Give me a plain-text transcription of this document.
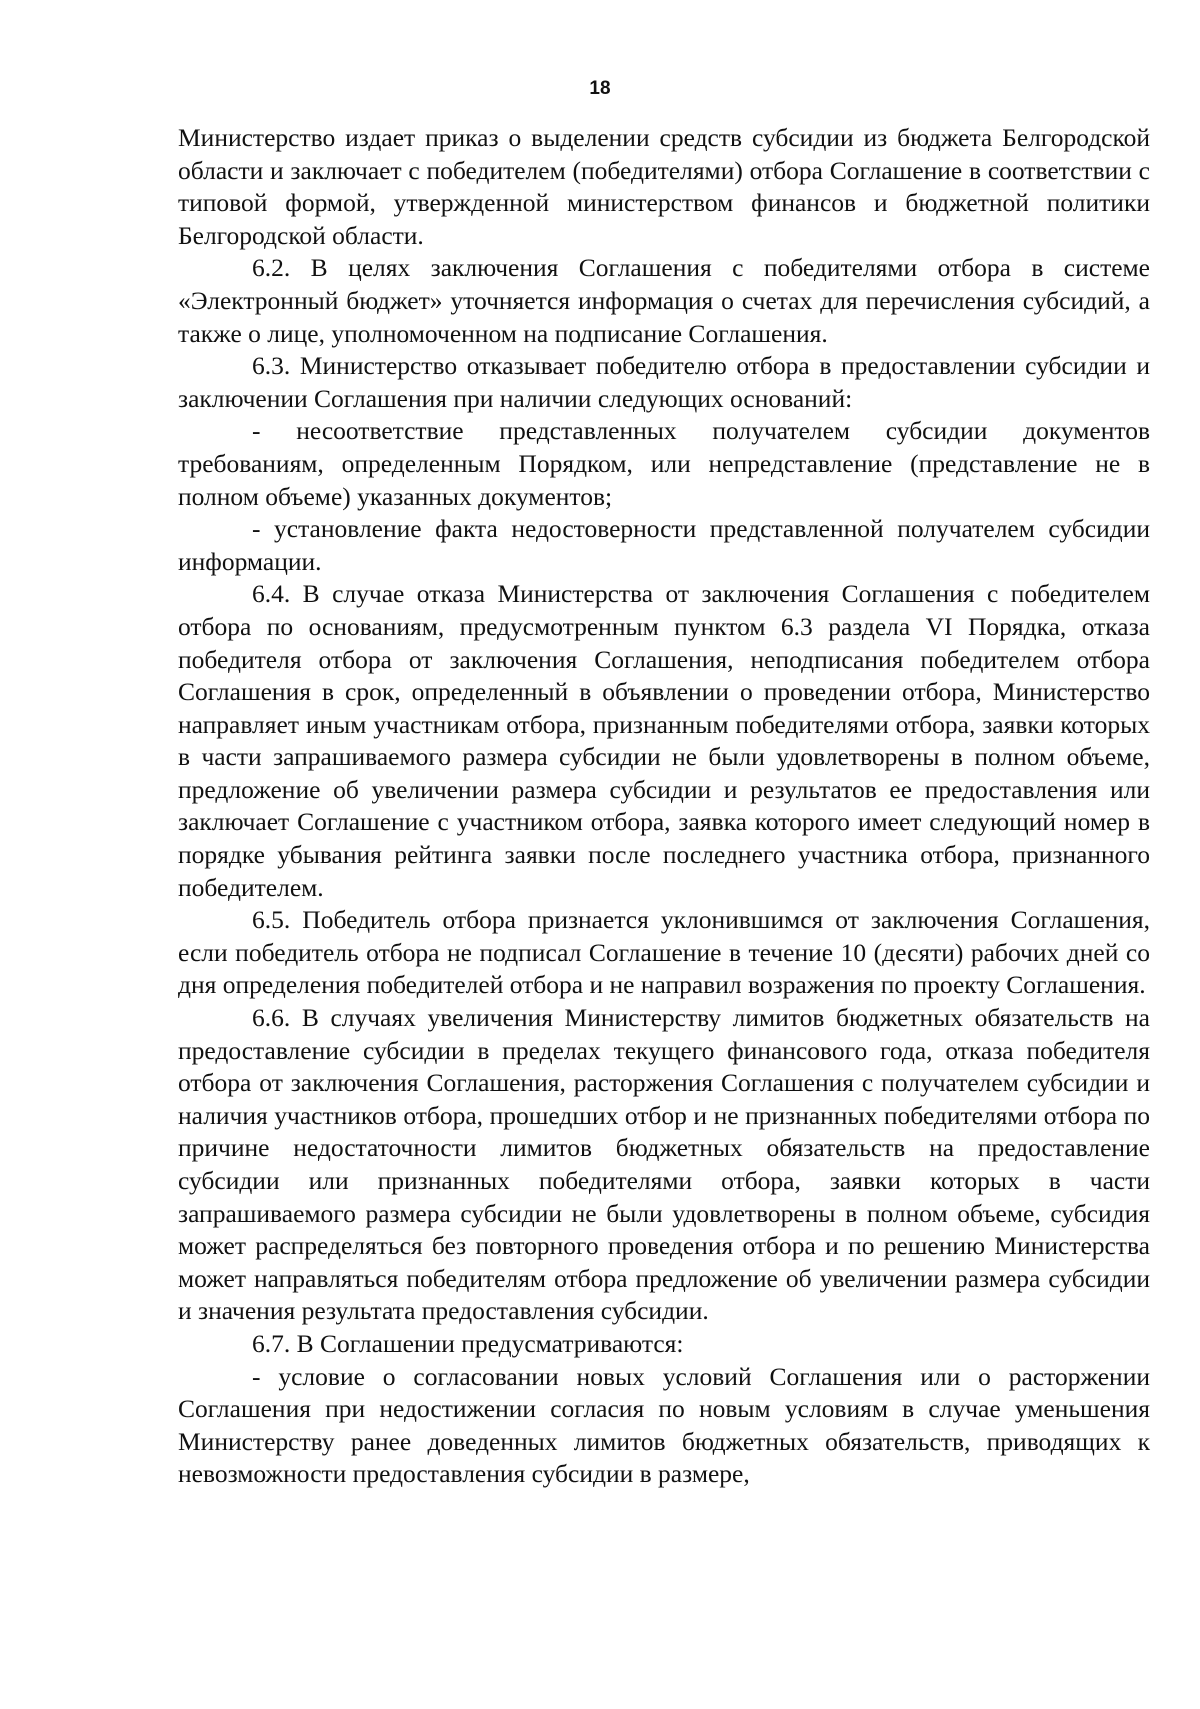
18

Министерство издает приказ о выделении средств субсидии из бюджета Белгородской области и заключает с победителем (победителями) отбора Соглашение в соответствии с типовой формой, утвержденной министерством финансов и бюджетной политики Белгородской области.

6.2. В целях заключения Соглашения с победителями отбора в системе «Электронный бюджет» уточняется информация о счетах для перечисления субсидий, а также о лице, уполномоченном на подписание Соглашения.

6.3. Министерство отказывает победителю отбора в предоставлении субсидии и заключении Соглашения при наличии следующих оснований:

- несоответствие представленных получателем субсидии документов требованиям, определенным Порядком, или непредставление (представление не в полном объеме) указанных документов;

- установление факта недостоверности представленной получателем субсидии информации.

6.4. В случае отказа Министерства от заключения Соглашения с победителем отбора по основаниям, предусмотренным пунктом 6.3 раздела VI Порядка, отказа победителя отбора от заключения Соглашения, неподписания победителем отбора Соглашения в срок, определенный в объявлении о проведении отбора, Министерство направляет иным участникам отбора, признанным победителями отбора, заявки которых в части запрашиваемого размера субсидии не были удовлетворены в полном объеме, предложение об увеличении размера субсидии и результатов ее предоставления или заключает Соглашение с участником отбора, заявка которого имеет следующий номер в порядке убывания рейтинга заявки после последнего участника отбора, признанного победителем.

6.5. Победитель отбора признается уклонившимся от заключения Соглашения, если победитель отбора не подписал Соглашение в течение 10 (десяти) рабочих дней со дня определения победителей отбора и не направил возражения по проекту Соглашения.

6.6. В случаях увеличения Министерству лимитов бюджетных обязательств на предоставление субсидии в пределах текущего финансового года, отказа победителя отбора от заключения Соглашения, расторжения Соглашения с получателем субсидии и наличия участников отбора, прошедших отбор и не признанных победителями отбора по причине недостаточности лимитов бюджетных обязательств на предоставление субсидии или признанных победителями отбора, заявки которых в части запрашиваемого размера субсидии не были удовлетворены в полном объеме, субсидия может распределяться без повторного проведения отбора и по решению Министерства может направляться победителям отбора предложение об увеличении размера субсидии и значения результата предоставления субсидии.

6.7. В Соглашении предусматриваются:

- условие о согласовании новых условий Соглашения или о расторжении Соглашения при недостижении согласия по новым условиям в случае уменьшения Министерству ранее доведенных лимитов бюджетных обязательств, приводящих к невозможности предоставления субсидии в размере,
